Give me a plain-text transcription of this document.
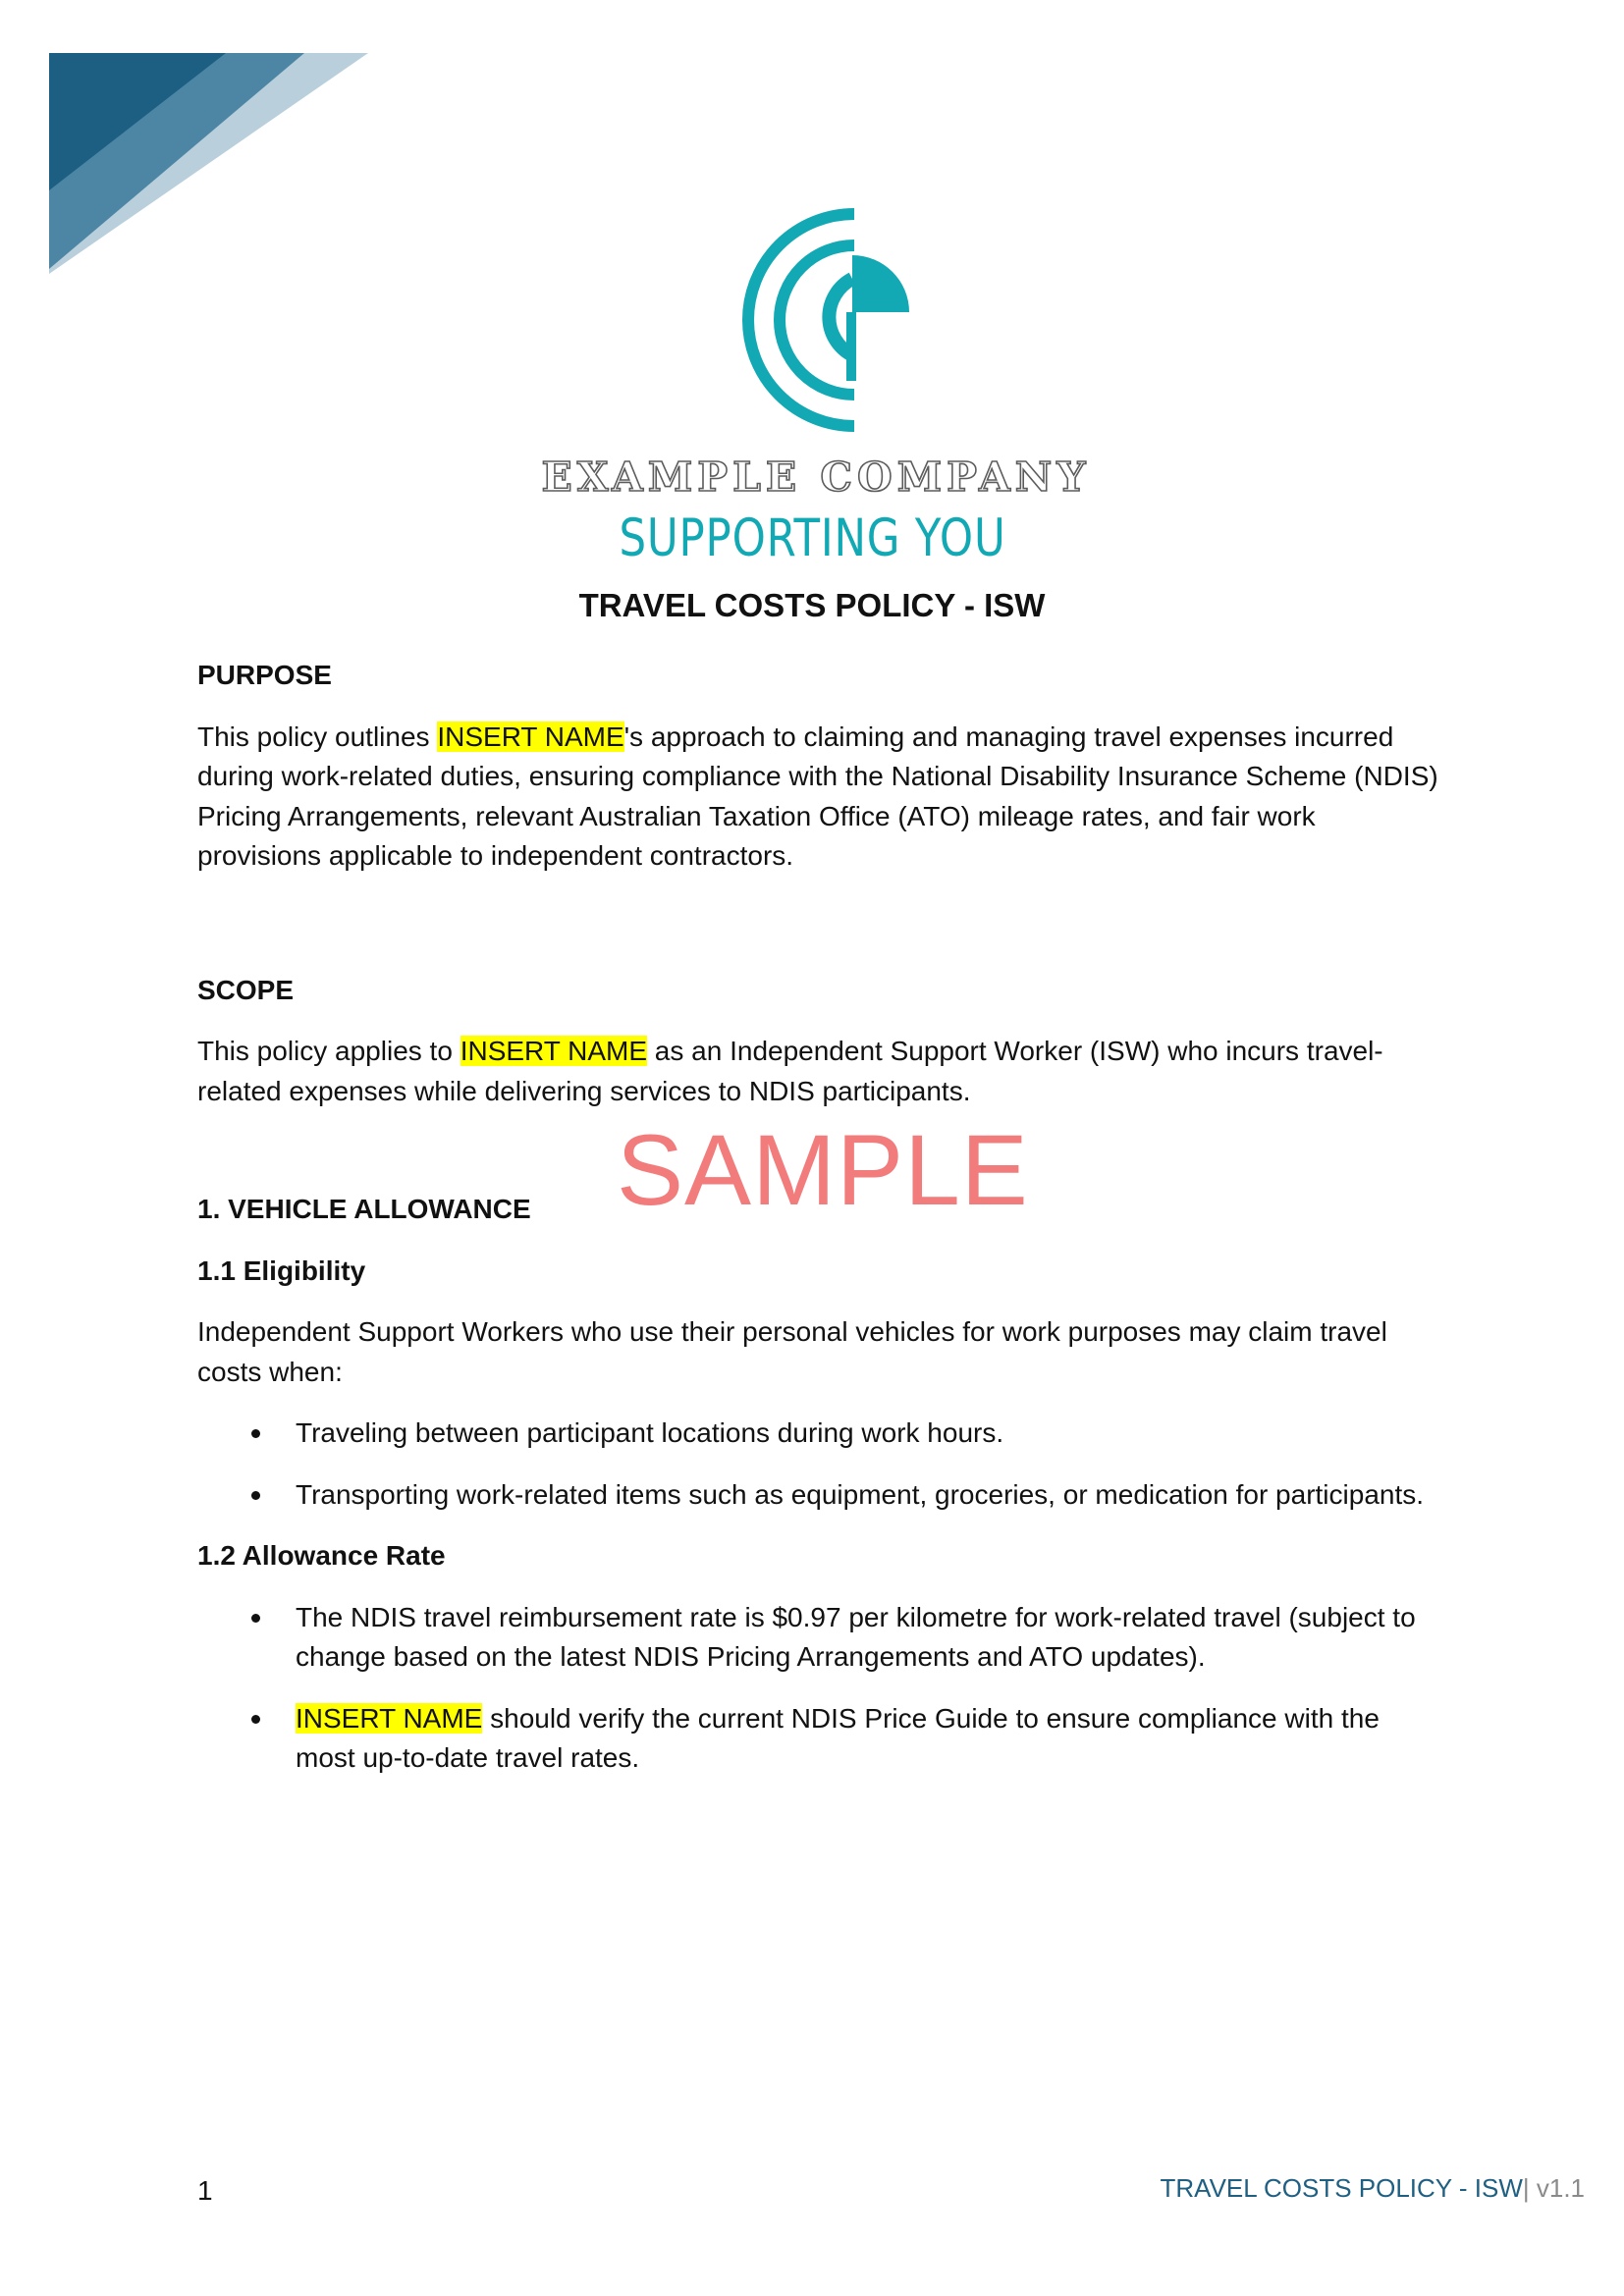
EXAMPLE COMPANY
SUPPORTING YOU
TRAVEL COSTS POLICY - ISW
PURPOSE

This policy outlines INSERT NAME's approach to claiming and managing travel expenses incurred during work-related duties, ensuring compliance with the National Disability Insurance Scheme (NDIS) Pricing Arrangements, relevant Australian Taxation Office (ATO) mileage rates, and fair work provisions applicable to independent contractors.

SCOPE

This policy applies to INSERT NAME as an Independent Support Worker (ISW) who incurs travel-related expenses while delivering services to NDIS participants.

1. VEHICLE ALLOWANCE
1.1 Eligibility

Independent Support Workers who use their personal vehicles for work purposes may claim travel costs when:

Traveling between participant locations during work hours.
Transporting work-related items such as equipment, groceries, or medication for participants.
1.2 Allowance Rate
The NDIS travel reimbursement rate is $0.97 per kilometre for work-related travel (subject to change based on the latest NDIS Pricing Arrangements and ATO updates).
INSERT NAME should verify the current NDIS Price Guide to ensure compliance with the most up-to-date travel rates.
SAMPLE
1	TRAVEL COSTS POLICY - ISW| v1.1
